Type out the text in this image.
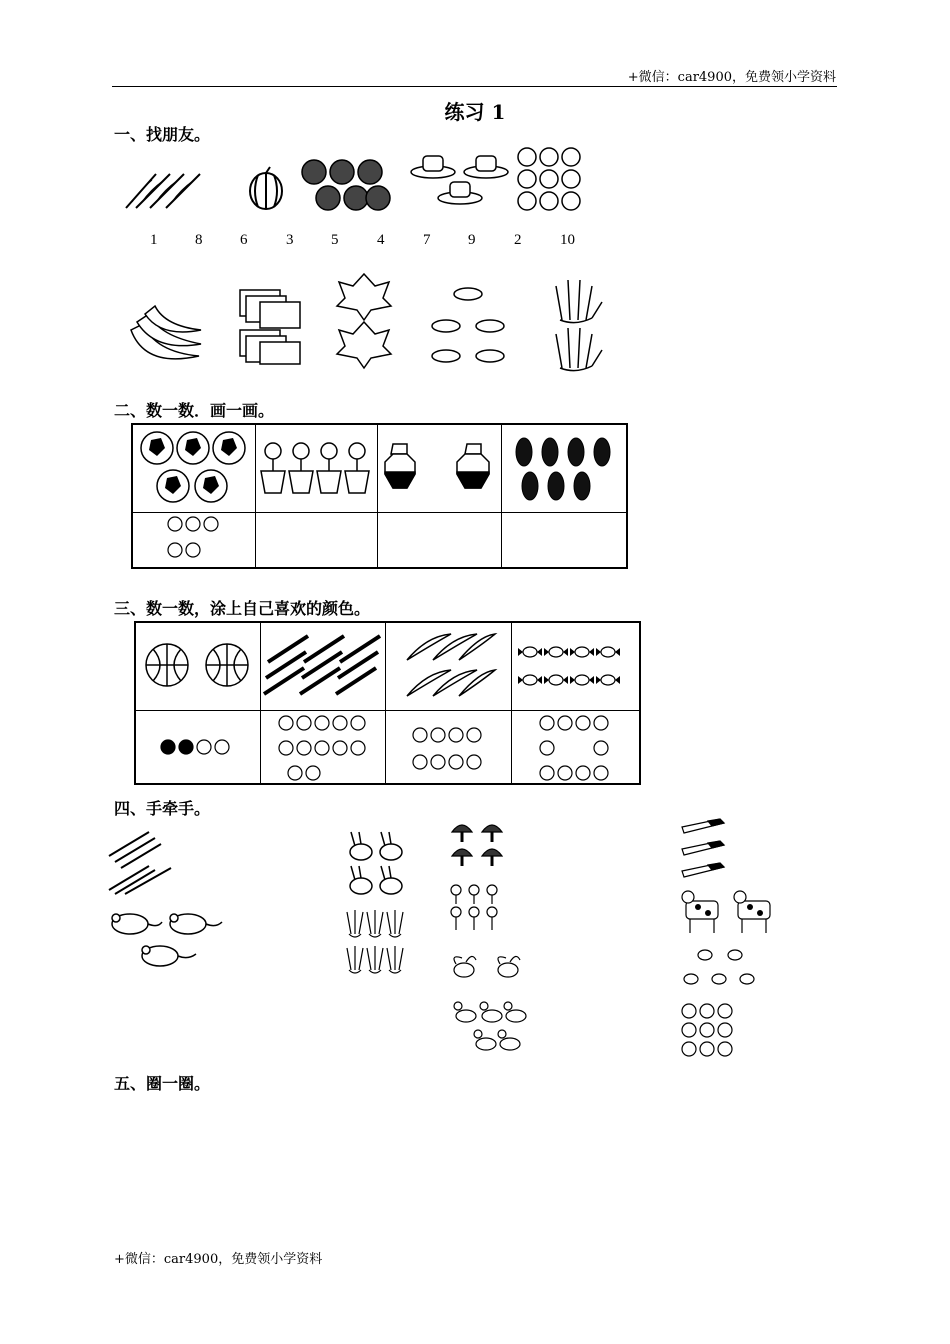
+微信：car4900，免费领小学资料
练习 1
一、找朋友。
1	8	6	3	5	4	7	9	2	10
二、数一数．画一画。
三、数一数，涂上自己喜欢的颜色。
四、手牵手。
五、圈一圈。
+微信：car4900，免费领小学资料
